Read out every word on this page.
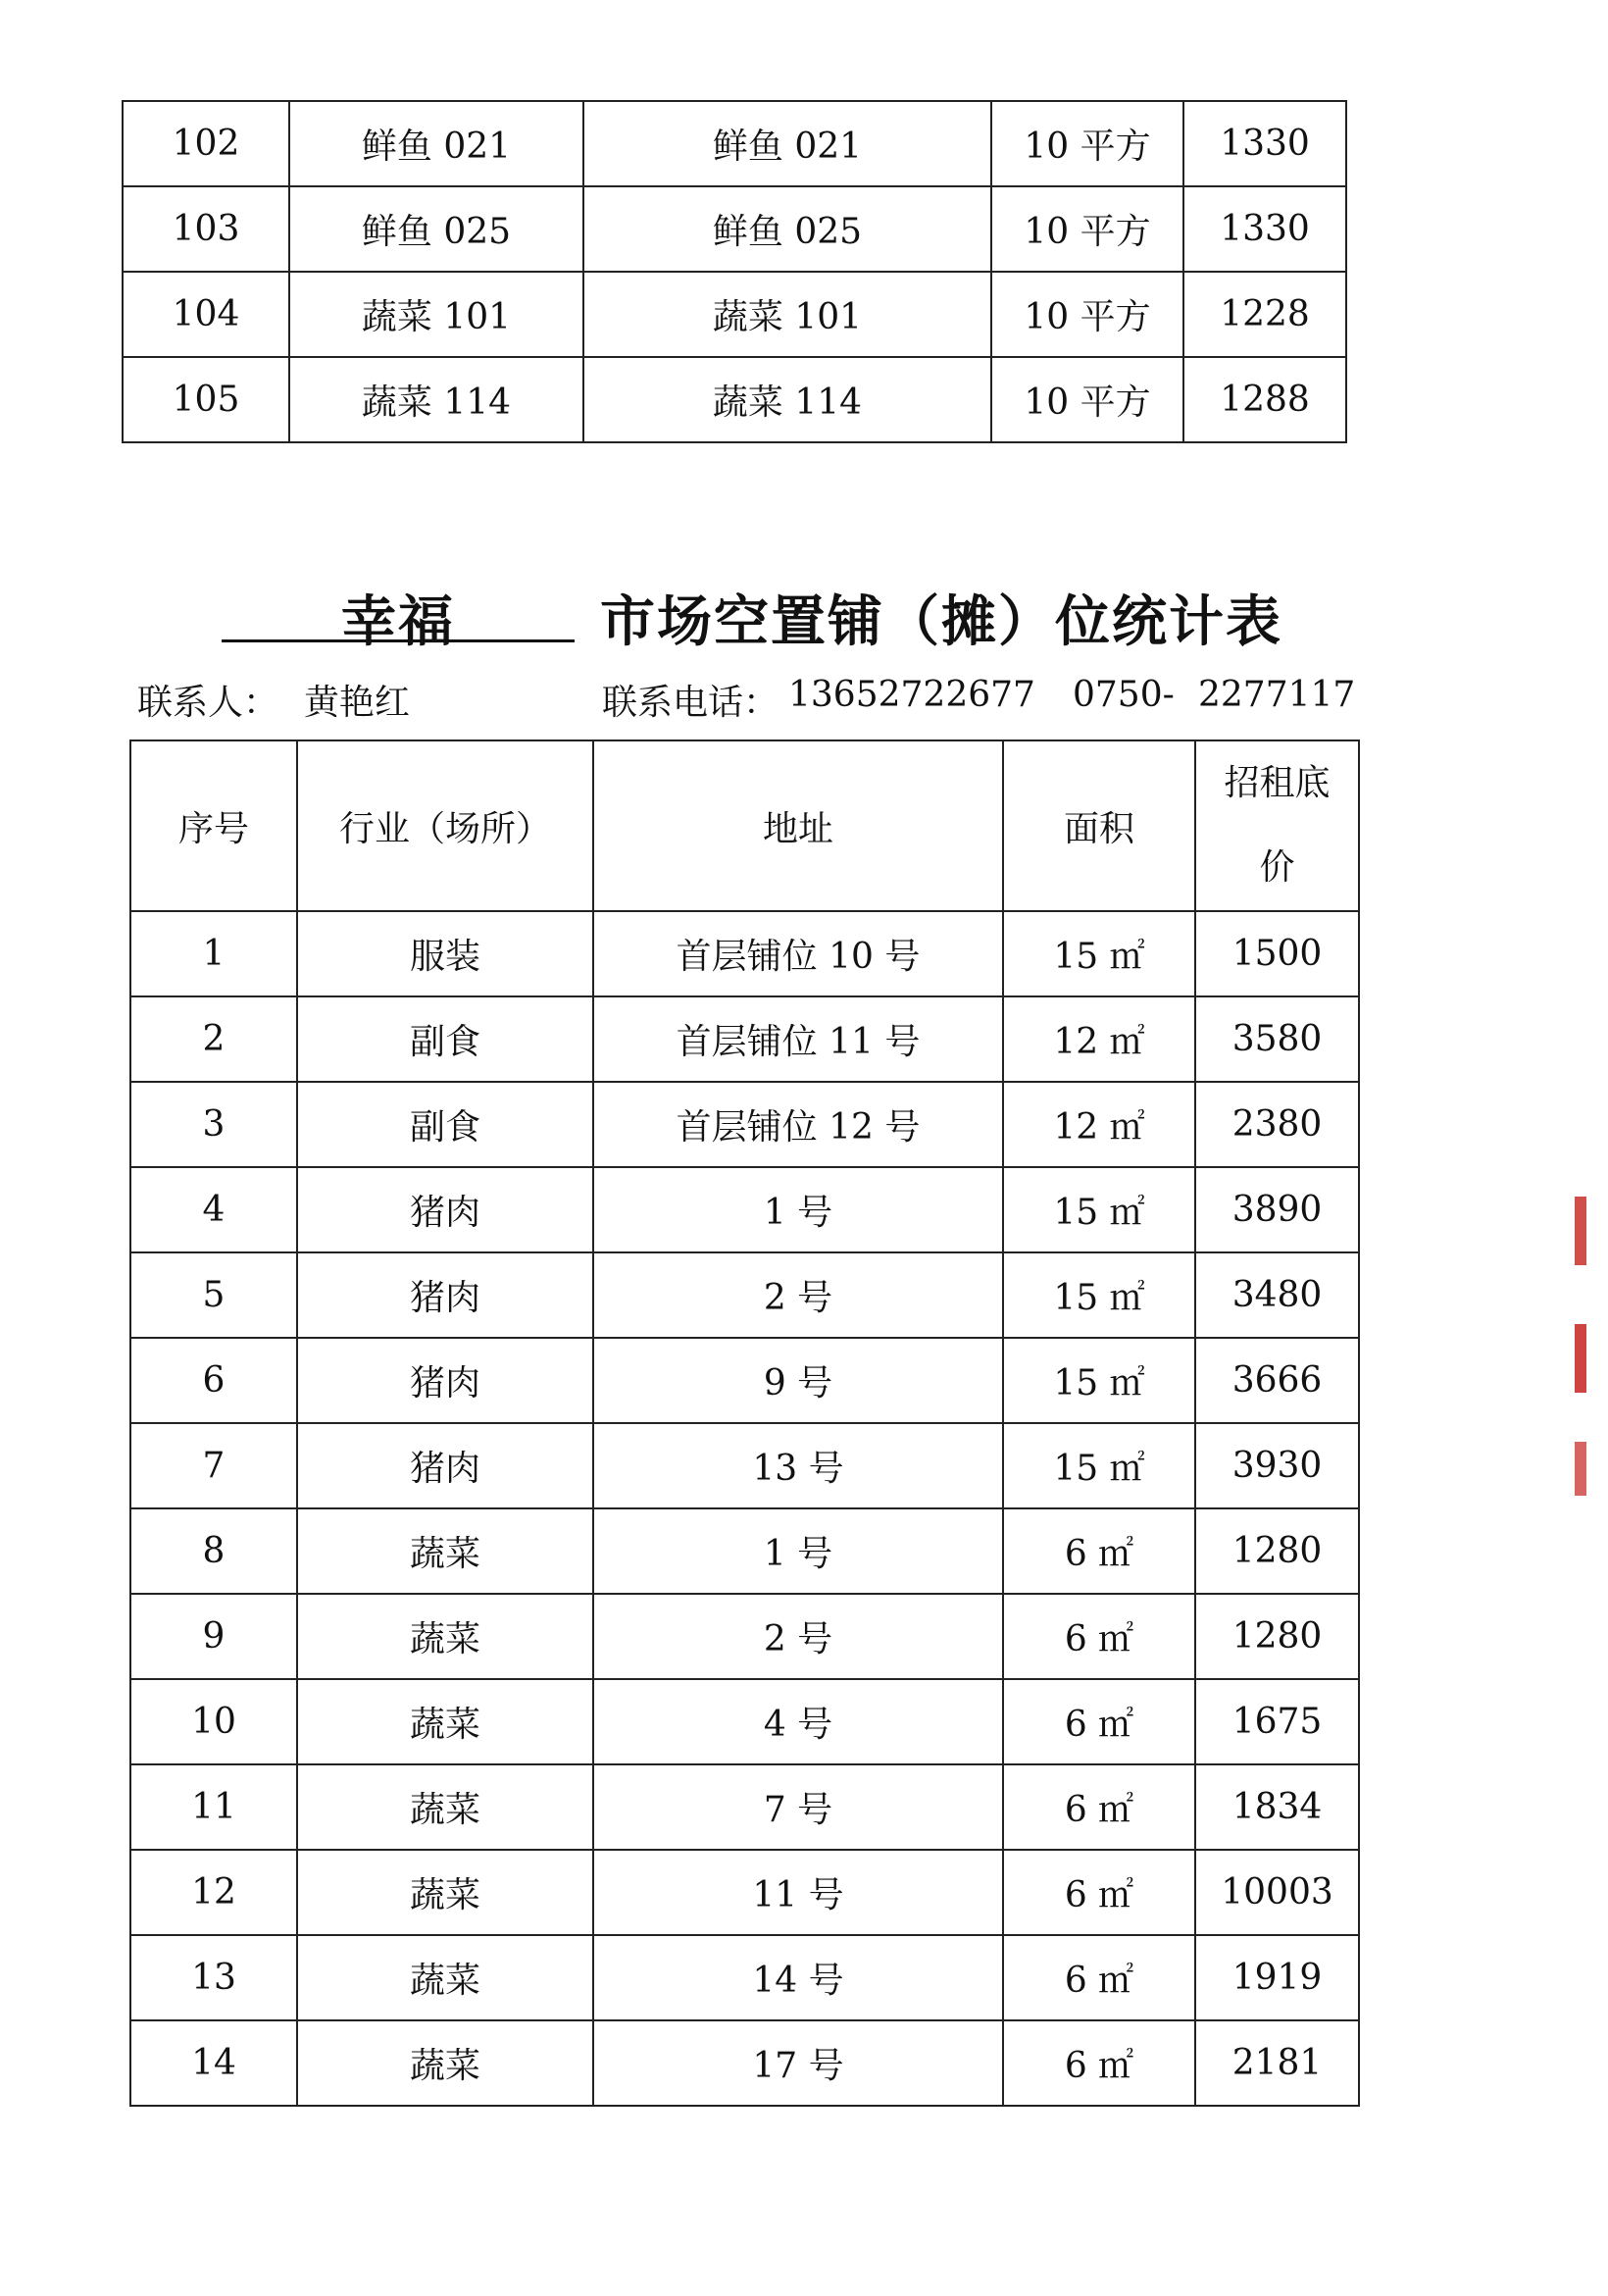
102	鲜鱼 021	鲜鱼 021	10 平方	1330
103	鲜鱼 025	鲜鱼 025	10 平方	1330
104	蔬菜 101	蔬菜 101	10 平方	1228
105	蔬菜 114	蔬菜 114	10 平方	1288
幸福	市场空置铺（摊）位统计表
联系人： 黄艳红	联系电话： 13652722677 0750- 2277117
序号	行业（场所）	地址	面积	招租底
价

1	服装	首层铺位 10 号	15 ㎡	1500
2	副食	首层铺位 11 号	12 ㎡	3580
3	副食	首层铺位 12 号	12 ㎡	2380
4	猪肉	1 号	15 ㎡	3890
5	猪肉	2 号	15 ㎡	3480
6	猪肉	9 号	15 ㎡	3666
7	猪肉	13 号	15 ㎡	3930
8	蔬菜	1 号	6 ㎡	1280
9	蔬菜	2 号	6 ㎡	1280
10	蔬菜	4 号	6 ㎡	1675
11	蔬菜	7 号	6 ㎡	1834
12	蔬菜	11 号	6 ㎡	10003
13	蔬菜	14 号	6 ㎡	1919
14	蔬菜	17 号	6 ㎡	2181
